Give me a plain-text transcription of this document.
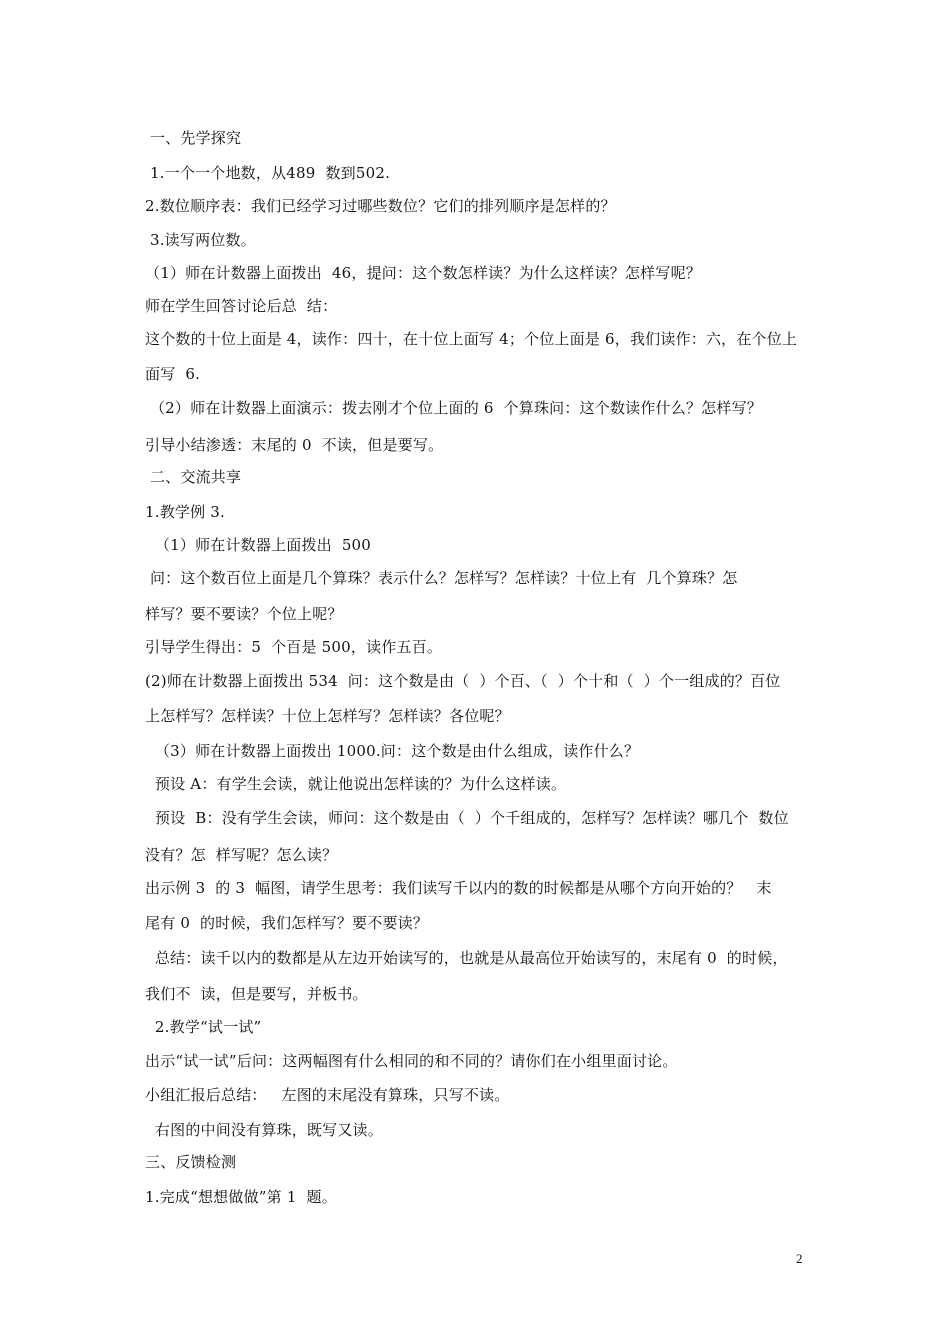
一、先学探究
1.一个一个地数，从489  数到502.
2.数位顺序表：我们已经学习过哪些数位？它们的排列顺序是怎样的？
3.读写两位数。
（1）师在计数器上面拨出  46，提问：这个数怎样读？为什么这样读？怎样写呢？
师在学生回答讨论后总  结：
这个数的十位上面是 4，读作：四十，在十位上面写 4；个位上面是 6，我们读作：六，在个位上
面写  6.
（2）师在计数器上面演示：拨去刚才个位上面的 6  个算珠问：这个数读作什么？怎样写？
引导小结渗透：末尾的 0  不读，但是要写。
二、交流共享
1.教学例 3.
（1）师在计数器上面拨出  500
问：这个数百位上面是几个算珠？表示什么？怎样写？怎样读？十位上有  几个算珠？怎
样写？要不要读？个位上呢？
引导学生得出：5  个百是 500，读作五百。
(2)师在计数器上面拨出 534  问：这个数是由（  ）个百、（  ）个十和（  ）个一组成的？百位
上怎样写？怎样读？十位上怎样写？怎样读？各位呢？
（3）师在计数器上面拨出 1000.问：这个数是由什么组成，读作什么？
预设 A：有学生会读，就让他说出怎样读的？为什么这样读。
预设  B：没有学生会读，师问：这个数是由（  ）个千组成的，怎样写？怎样读？哪几个  数位
没有？怎  样写呢？怎么读？
出示例 3  的 3  幅图，请学生思考：我们读写千以内的数的时候都是从哪个方向开始的？   末
尾有 0  的时候，我们怎样写？要不要读？
总结：读千以内的数都是从左边开始读写的，也就是从最高位开始读写的，末尾有 0  的时候，
我们不  读，但是要写，并板书。
2.教学“试一试”
出示“试一试”后问：这两幅图有什么相同的和不同的？请你们在小组里面讨论。
小组汇报后总结：   左图的末尾没有算珠，只写不读。
右图的中间没有算珠，既写又读。
三、反馈检测
1.完成“想想做做”第 1  题。
2
